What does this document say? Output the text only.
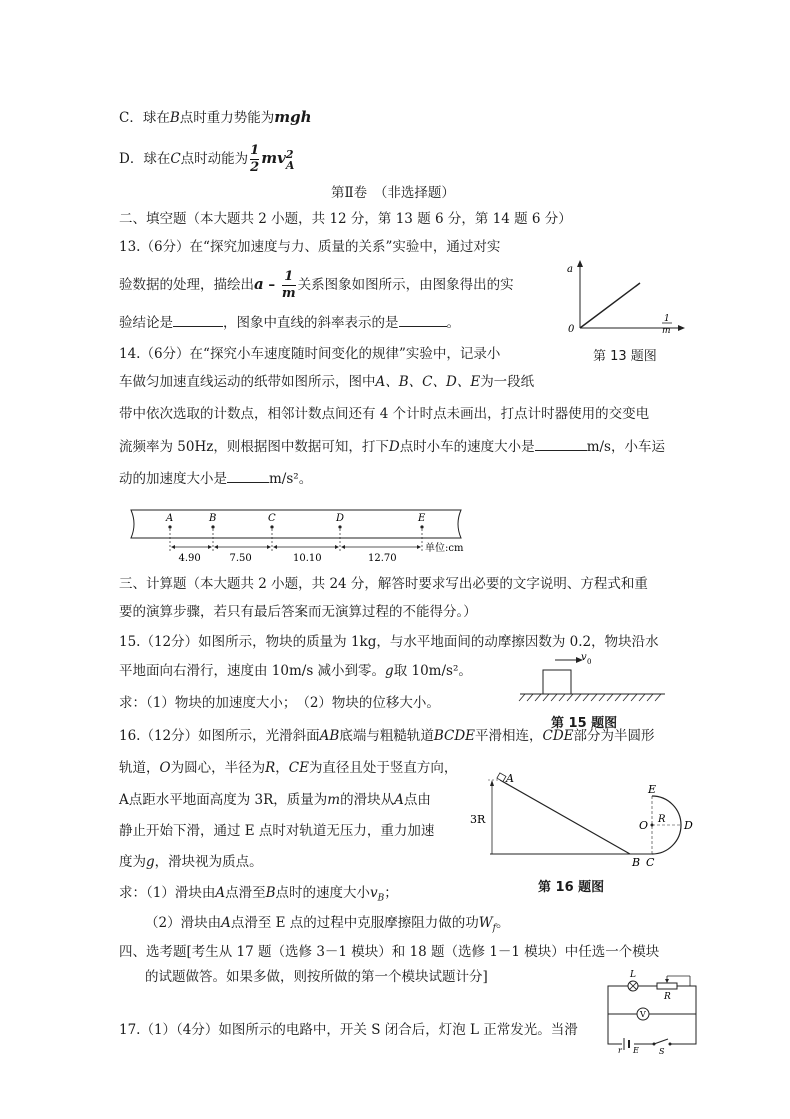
C．球在B点时重力势能为mgh
D．球在C点时动能为 $\frac{1}{2}$ mv 2
A
第Ⅱ卷　（非选择题）
二、填空题（本大题共 2 小题，共 12 分，第 13 题 6 分，第 14 题 6 分）
13.（6分）在“探究加速度与力、质量的关系”实验中，通过对实
验数据的处理，描绘出a – $\frac{1}{m}$ 关系图象如图所示，由图象得出的实
验结论是	，图象中直线的斜率表示的是	。
a
0
1
m
第 13 题图
14.（6分）在“探究小车速度随时间变化的规律”实验中，记录小
车做匀加速直线运动的纸带如图所示，图中A、B、C、D、E为一段纸
带中依次选取的计数点，相邻计数点间还有 4 个计时点未画出，打点计时器使用的交变电
流频率为 50Hz，则根据图中数据可知，打下D点时小车的速度大小是	m/s，小车运
动的加速度大小是	m/s²。
A	B	C	D	E
4.90	7.50	10.10	12.70
单位:cm
三、计算题（本大题共 2 小题，共 24 分，解答时要求写出必要的文字说明、方程式和重
要的演算步骤，若只有最后答案而无演算过程的不能得分。）
15.（12分）如图所示，物块的质量为 1kg，与水平地面间的动摩擦因数为 0.2，物块沿水
平地面向右滑行，速度由 10m/s 减小到零。g取 10m/s²。
求：（1）物块的加速度大小；　（2）物块的位移大小。
v 0
第 15 题图
16.（12分）如图所示，光滑斜面AB底端与粗糙轨道BCDE平滑相连，CDE部分为半圆形
轨道，O为圆心，半径为R，CE为直径且处于竖直方向，
A点距水平地面高度为 3R，质量为m的滑块从A点由
静止开始下滑，通过 E 点时对轨道无压力，重力加速
度为g，滑块视为质点。
求：（1）滑块由A点滑至B点时的速度大小$v_B$；
（2）滑块由A点滑至 E 点的过程中克服摩擦阻力做的功$W_f$。
A
3R
B C
D
E
O R
第 16 题图
四、选考题[考生从 17 题（选修 3－1 模块）和 18 题（选修 1－1 模块）中任选一个模块
的试题做答。如果多做，则按所做的第一个模块试题计分]
17.（1）（4分）如图所示的电路中，开关 S 闭合后，灯泡 L 正常发光。当滑
V
L
R
r E	S
